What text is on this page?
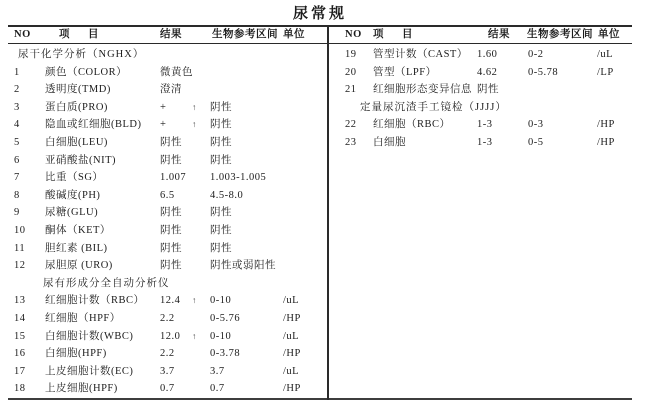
尿常规
NO	项　目	结果	生物参考区间 单位	NO 项　目	结果 生物参考区间 单位
尿干化学分析（NGHX）
1 颜色（COLOR）	微黄色
2 透明度(TMD)	澄清
3 蛋白质(PRO)	+	↑ 阴性
4 隐血或红细胞(BLD) +	↑ 阴性
5 白细胞(LEU)	阴性	阴性
6 亚硝酸盐(NIT)	阴性	阴性
7 比重（SG）	1.007 1.003-1.005
8 酸碱度(PH)	6.5	4.5-8.0
9 尿糖(GLU)	阴性	阴性
10 酮体（KET）	阴性	阴性
11 胆红素 (BIL)	阴性	阴性
12 尿胆原 (URO)	阴性	阴性或弱阳性
尿有形成分全自动分析仪
13 红细胞计数（RBC） 12.4 ↑ 0-10	/uL
14 红细胞（HPF）	2.2	0-5.76	/HP
15 白细胞计数(WBC)	12.0 ↑ 0-10	/uL
16 白细胞(HPF)	2.2	0-3.78	/HP
17 上皮细胞计数(EC)	3.7	3.7	/uL
18 上皮细胞(HPF)	0.7	0.7	/HP
19 管型计数（CAST） 1.60	0-2	/uL
20 管型（LPF）	4.62	0-5.78	/LP
21 红细胞形态变异信息 阴性
定量尿沉渣手工镜检（JJJJ）
22 红细胞（RBC）	1-3	0-3	/HP
23 白细胞	1-3	0-5	/HP
